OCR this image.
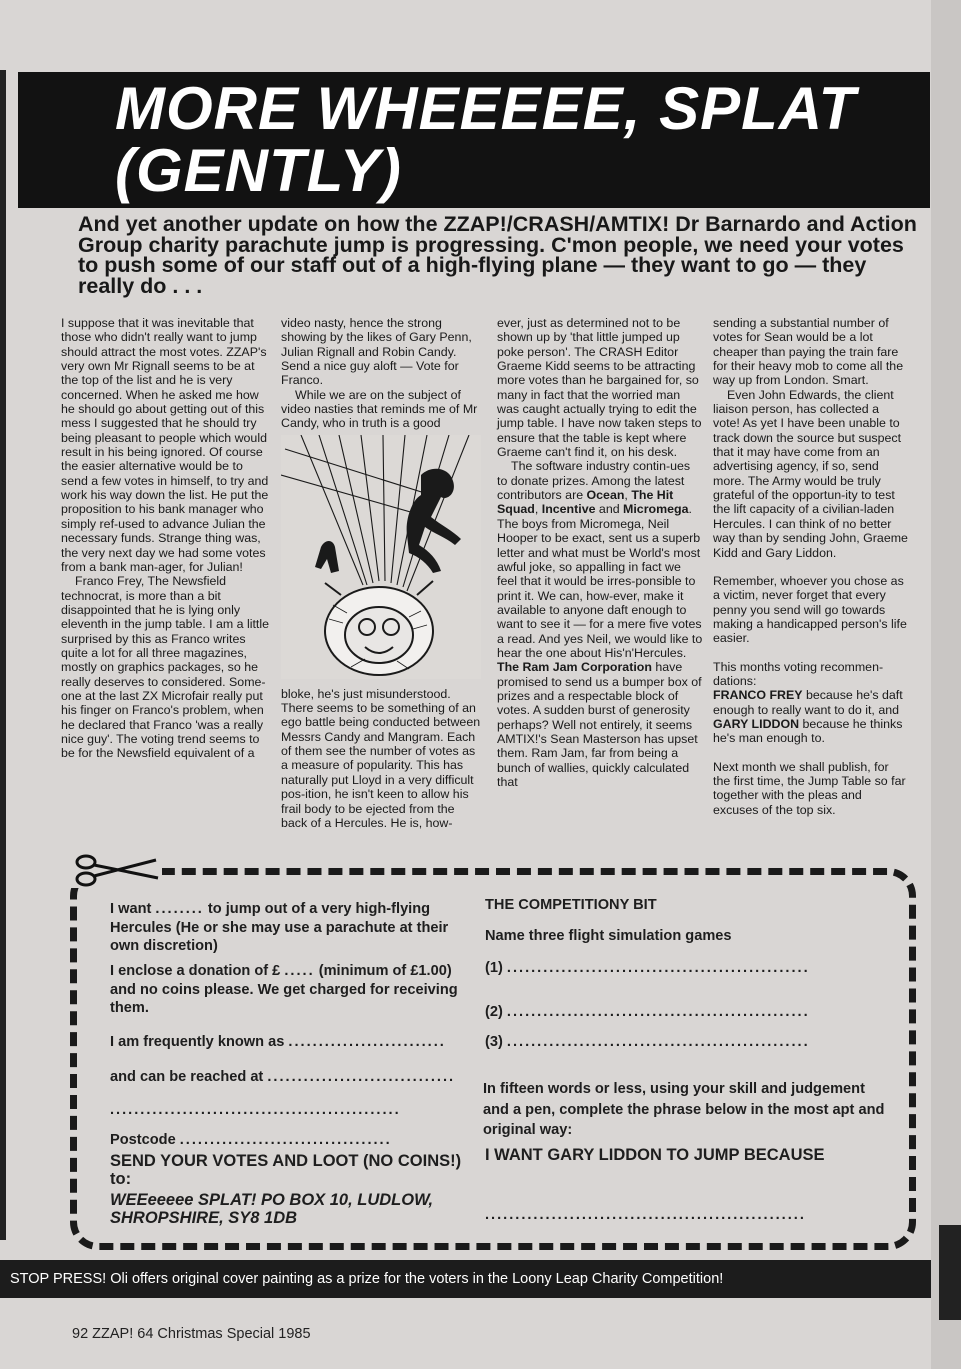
MORE WHEEEEE, SPLAT
(GENTLY)

And yet another update on how the ZZAP!/CRASH/AMTIX! Dr Barnardo and Action Group charity parachute jump is progressing. C'mon people, we need your votes to push some of our staff out of a high-flying plane — they want to go — they really do . . .

I suppose that it was inevitable that those who didn't really want to jump should attract the most votes. ZZAP's very own Mr Rignall seems to be at the top of the list and he is very concerned. When he asked me how he should go about getting out of this mess I suggested that he should try being pleasant to people which would result in his being ignored. Of course the easier alternative would be to send a few votes in himself, to try and work his way down the list. He put the proposition to his bank manager who simply ref-used to advance Julian the necessary funds. Strange thing was, the very next day we had some votes from a bank man-ager, for Julian!

Franco Frey, The Newsfield technocrat, is more than a bit disappointed that he is lying only eleventh in the jump table. I am a little surprised by this as Franco writes quite a lot for all three magazines, mostly on graphics packages, so he really deserves to considered. Some-one at the last ZX Microfair really put his finger on Franco's problem, when he declared that Franco 'was a really nice guy'. The voting trend seems to be for the Newsfield equivalent of a

video nasty, hence the strong showing by the likes of Gary Penn, Julian Rignall and Robin Candy. Send a nice guy aloft — Vote for Franco.

While we are on the subject of video nasties that reminds me of Mr Candy, who in truth is a good

bloke, he's just misunderstood. There seems to be something of an ego battle being conducted between Messrs Candy and Mangram. Each of them see the number of votes as a measure of popularity. This has naturally put Lloyd in a very difficult pos-ition, he isn't keen to allow his frail body to be ejected from the back of a Hercules. He is, how-

ever, just as determined not to be shown up by 'that little jumped up poke person'. The CRASH Editor Graeme Kidd seems to be attracting more votes than he bargained for, so many in fact that the worried man was caught actually trying to edit the jump table. I have now taken steps to ensure that the table is kept where Graeme can't find it, on his desk.

The software industry contin-ues to donate prizes. Among the latest contributors are Ocean, The Hit Squad, Incentive and Micromega. The boys from Micromega, Neil Hooper to be exact, sent us a superb letter and what must be World's most awful joke, so appalling in fact we feel that it would be irres-ponsible to print it. We can, how-ever, make it available to anyone daft enough to want to see it — for a mere five votes a read. And yes Neil, we would like to hear the one about His'n'Hercules. The Ram Jam Corporation have promised to send us a bumper box of prizes and a respectable block of votes. A sudden burst of generosity perhaps? Well not entirely, it seems AMTIX!'s Sean Masterson has upset them. Ram Jam, far from being a bunch of wallies, quickly calculated that

sending a substantial number of votes for Sean would be a lot cheaper than paying the train fare for their heavy mob to come all the way up from London. Smart.

Even John Edwards, the client liaison person, has collected a vote! As yet I have been unable to track down the source but suspect that it may have come from an advertising agency, if so, send more. The Army would be truly grateful of the opportun-ity to test the lift capacity of a civilian-laden Hercules. I can think of no better way than by sending John, Graeme Kidd and Gary Liddon.

Remember, whoever you chose as a victim, never forget that every penny you send will go towards making a handicapped person's life easier.

This months voting recommen-dations:

FRANCO FREY because he's daft enough to really want to do it, and GARY LIDDON because he thinks he's man enough to.

Next month we shall publish, for the first time, the Jump Table so far together with the pleas and excuses of the top six.

I want ........ to jump out of a very high-flying
Hercules (He or she may use a parachute at their own discretion)

I enclose a donation of £ ..... (minimum of £1.00)
and no coins please. We get charged for receiving them.

I am frequently known as ..........................

and can be reached at ...............................

................................................

Postcode ...................................

SEND YOUR VOTES AND LOOT (NO COINS!) to:

WEEeeeee SPLAT! PO BOX 10, LUDLOW,
SHROPSHIRE, SY8 1DB

THE COMPETITIONY BIT

Name three flight simulation games

(1) ..................................................

(2) ..................................................

(3) ..................................................

In fifteen words or less, using your skill and judgement and a pen, complete the phrase below in the most apt and original way:

I WANT GARY LIDDON TO JUMP BECAUSE

.....................................................

STOP PRESS! Oli offers original cover painting as a prize for the voters in the Loony Leap Charity Competition!

92 ZZAP! 64 Christmas Special 1985
